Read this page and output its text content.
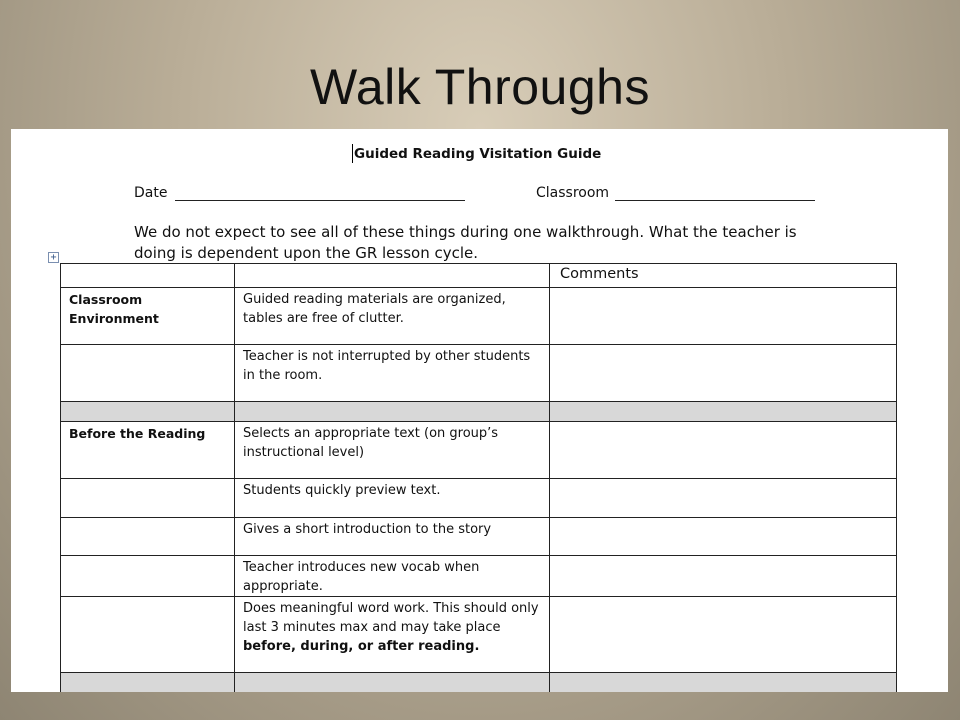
Walk Throughs
Guided Reading Visitation Guide
Date	Classroom
We do not expect to see all of these things during one walkthrough. What the teacher is doing is dependent upon the GR lesson cycle.
+
		Comments
Classroom Environment	Guided reading materials are organized, tables are free of clutter.	
	Teacher is not interrupted by other students in the room.	

Before the Reading	Selects an appropriate text (on group’s instructional level)	
	Students quickly preview text.	
	Gives a short introduction to the story	
	Teacher introduces new vocab when appropriate.	
	Does meaningful word work. This should only last 3 minutes max and may take place before, during, or after reading.	
